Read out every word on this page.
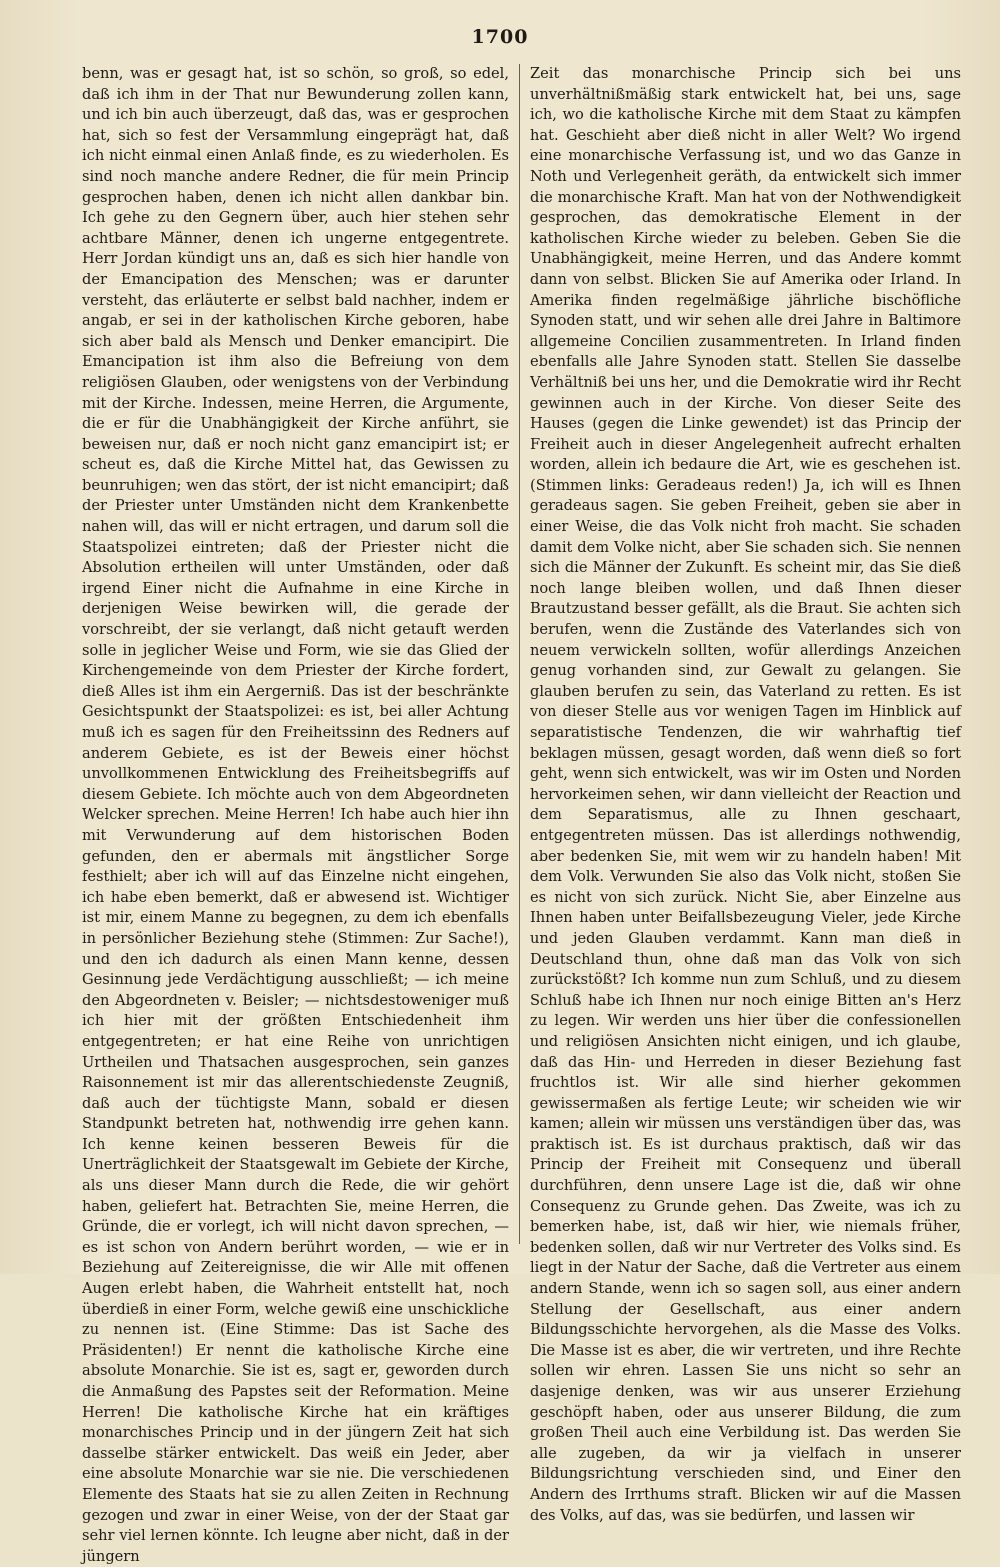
1700

benn, was er gesagt hat, ist so schön, so groß, so edel, daß ich ihm in der That nur Bewunderung zollen kann, und ich bin auch überzeugt, daß das, was er gesprochen hat, sich so fest der Versammlung eingeprägt hat, daß ich nicht einmal einen Anlaß finde, es zu wiederholen. Es sind noch manche andere Redner, die für mein Princip gesprochen haben, denen ich nicht allen dankbar bin. Ich gehe zu den Gegnern über, auch hier stehen sehr achtbare Männer, denen ich ungerne entgegentrete. Herr Jordan kündigt uns an, daß es sich hier handle von der Emancipation des Menschen; was er darunter versteht, das erläuterte er selbst bald nachher, indem er angab, er sei in der katholischen Kirche geboren, habe sich aber bald als Mensch und Denker emancipirt. Die Emancipation ist ihm also die Befreiung von dem religiösen Glauben, oder wenigstens von der Verbindung mit der Kirche. Indessen, meine Herren, die Argumente, die er für die Unabhängigkeit der Kirche anführt, sie beweisen nur, daß er noch nicht ganz emancipirt ist; er scheut es, daß die Kirche Mittel hat, das Gewissen zu beunruhigen; wen das stört, der ist nicht emancipirt; daß der Priester unter Umständen nicht dem Krankenbette nahen will, das will er nicht ertragen, und darum soll die Staatspolizei eintreten; daß der Priester nicht die Absolution ertheilen will unter Umständen, oder daß irgend Einer nicht die Aufnahme in eine Kirche in derjenigen Weise bewirken will, die gerade der vorschreibt, der sie verlangt, daß nicht getauft werden solle in jeglicher Weise und Form, wie sie das Glied der Kirchengemeinde von dem Priester der Kirche fordert, dieß Alles ist ihm ein Aergerniß. Das ist der beschränkte Gesichtspunkt der Staatspolizei: es ist, bei aller Achtung muß ich es sagen für den Freiheitssinn des Redners auf anderem Gebiete, es ist der Beweis einer höchst unvollkommenen Entwicklung des Freiheitsbegriffs auf diesem Gebiete. Ich möchte auch von dem Abgeordneten Welcker sprechen. Meine Herren! Ich habe auch hier ihn mit Verwunderung auf dem historischen Boden gefunden, den er abermals mit ängstlicher Sorge festhielt; aber ich will auf das Einzelne nicht eingehen, ich habe eben bemerkt, daß er abwesend ist. Wichtiger ist mir, einem Manne zu begegnen, zu dem ich ebenfalls in persönlicher Beziehung stehe (Stimmen: Zur Sache!), und den ich dadurch als einen Mann kenne, dessen Gesinnung jede Verdächtigung ausschließt; — ich meine den Abgeordneten v. Beisler; — nichtsdestoweniger muß ich hier mit der größten Entschiedenheit ihm entgegentreten; er hat eine Reihe von unrichtigen Urtheilen und Thatsachen ausgesprochen, sein ganzes Raisonnement ist mir das allerentschiedenste Zeugniß, daß auch der tüchtigste Mann, sobald er diesen Standpunkt betreten hat, nothwendig irre gehen kann. Ich kenne keinen besseren Beweis für die Unerträglichkeit der Staatsgewalt im Gebiete der Kirche, als uns dieser Mann durch die Rede, die wir gehört haben, geliefert hat. Betrachten Sie, meine Herren, die Gründe, die er vorlegt, ich will nicht davon sprechen, — es ist schon von Andern berührt worden, — wie er in Beziehung auf Zeitereignisse, die wir Alle mit offenen Augen erlebt haben, die Wahrheit entstellt hat, noch überdieß in einer Form, welche gewiß eine unschickliche zu nennen ist. (Eine Stimme: Das ist Sache des Präsidenten!) Er nennt die katholische Kirche eine absolute Monarchie. Sie ist es, sagt er, geworden durch die Anmaßung des Papstes seit der Reformation. Meine Herren! Die katholische Kirche hat ein kräftiges monarchisches Princip und in der jüngern Zeit hat sich dasselbe stärker entwickelt. Das weiß ein Jeder, aber eine absolute Monarchie war sie nie. Die verschiedenen Elemente des Staats hat sie zu allen Zeiten in Rechnung gezogen und zwar in einer Weise, von der der Staat gar sehr viel lernen könnte. Ich leugne aber nicht, daß in der jüngern

Zeit das monarchische Princip sich bei uns unverhältnißmäßig stark entwickelt hat, bei uns, sage ich, wo die katholische Kirche mit dem Staat zu kämpfen hat. Geschieht aber dieß nicht in aller Welt? Wo irgend eine monarchische Verfassung ist, und wo das Ganze in Noth und Verlegenheit geräth, da entwickelt sich immer die monarchische Kraft. Man hat von der Nothwendigkeit gesprochen, das demokratische Element in der katholischen Kirche wieder zu beleben. Geben Sie die Unabhängigkeit, meine Herren, und das Andere kommt dann von selbst. Blicken Sie auf Amerika oder Irland. In Amerika finden regelmäßige jährliche bischöfliche Synoden statt, und wir sehen alle drei Jahre in Baltimore allgemeine Concilien zusammentreten. In Irland finden ebenfalls alle Jahre Synoden statt. Stellen Sie dasselbe Verhältniß bei uns her, und die Demokratie wird ihr Recht gewinnen auch in der Kirche. Von dieser Seite des Hauses (gegen die Linke gewendet) ist das Princip der Freiheit auch in dieser Angelegenheit aufrecht erhalten worden, allein ich bedaure die Art, wie es geschehen ist. (Stimmen links: Geradeaus reden!) Ja, ich will es Ihnen geradeaus sagen. Sie geben Freiheit, geben sie aber in einer Weise, die das Volk nicht froh macht. Sie schaden damit dem Volke nicht, aber Sie schaden sich. Sie nennen sich die Männer der Zukunft. Es scheint mir, das Sie dieß noch lange bleiben wollen, und daß Ihnen dieser Brautzustand besser gefällt, als die Braut. Sie achten sich berufen, wenn die Zustände des Vaterlandes sich von neuem verwickeln sollten, wofür allerdings Anzeichen genug vorhanden sind, zur Gewalt zu gelangen. Sie glauben berufen zu sein, das Vaterland zu retten. Es ist von dieser Stelle aus vor wenigen Tagen im Hinblick auf separatistische Tendenzen, die wir wahrhaftig tief beklagen müssen, gesagt worden, daß wenn dieß so fort geht, wenn sich entwickelt, was wir im Osten und Norden hervorkeimen sehen, wir dann vielleicht der Reaction und dem Separatismus, alle zu Ihnen geschaart, entgegentreten müssen. Das ist allerdings nothwendig, aber bedenken Sie, mit wem wir zu handeln haben! Mit dem Volk. Verwunden Sie also das Volk nicht, stoßen Sie es nicht von sich zurück. Nicht Sie, aber Einzelne aus Ihnen haben unter Beifallsbezeugung Vieler, jede Kirche und jeden Glauben verdammt. Kann man dieß in Deutschland thun, ohne daß man das Volk von sich zurückstößt? Ich komme nun zum Schluß, und zu diesem Schluß habe ich Ihnen nur noch einige Bitten an's Herz zu legen. Wir werden uns hier über die confessionellen und religiösen Ansichten nicht einigen, und ich glaube, daß das Hin- und Herreden in dieser Beziehung fast fruchtlos ist. Wir alle sind hierher gekommen gewissermaßen als fertige Leute; wir scheiden wie wir kamen; allein wir müssen uns verständigen über das, was praktisch ist. Es ist durchaus praktisch, daß wir das Princip der Freiheit mit Consequenz und überall durchführen, denn unsere Lage ist die, daß wir ohne Consequenz zu Grunde gehen. Das Zweite, was ich zu bemerken habe, ist, daß wir hier, wie niemals früher, bedenken sollen, daß wir nur Vertreter des Volks sind. Es liegt in der Natur der Sache, daß die Vertreter aus einem andern Stande, wenn ich so sagen soll, aus einer andern Stellung der Gesellschaft, aus einer andern Bildungsschichte hervorgehen, als die Masse des Volks. Die Masse ist es aber, die wir vertreten, und ihre Rechte sollen wir ehren. Lassen Sie uns nicht so sehr an dasjenige denken, was wir aus unserer Erziehung geschöpft haben, oder aus unserer Bildung, die zum großen Theil auch eine Verbildung ist. Das werden Sie alle zugeben, da wir ja vielfach in unserer Bildungsrichtung verschieden sind, und Einer den Andern des Irrthums straft. Blicken wir auf die Massen des Volks, auf das, was sie bedürfen, und lassen wir
